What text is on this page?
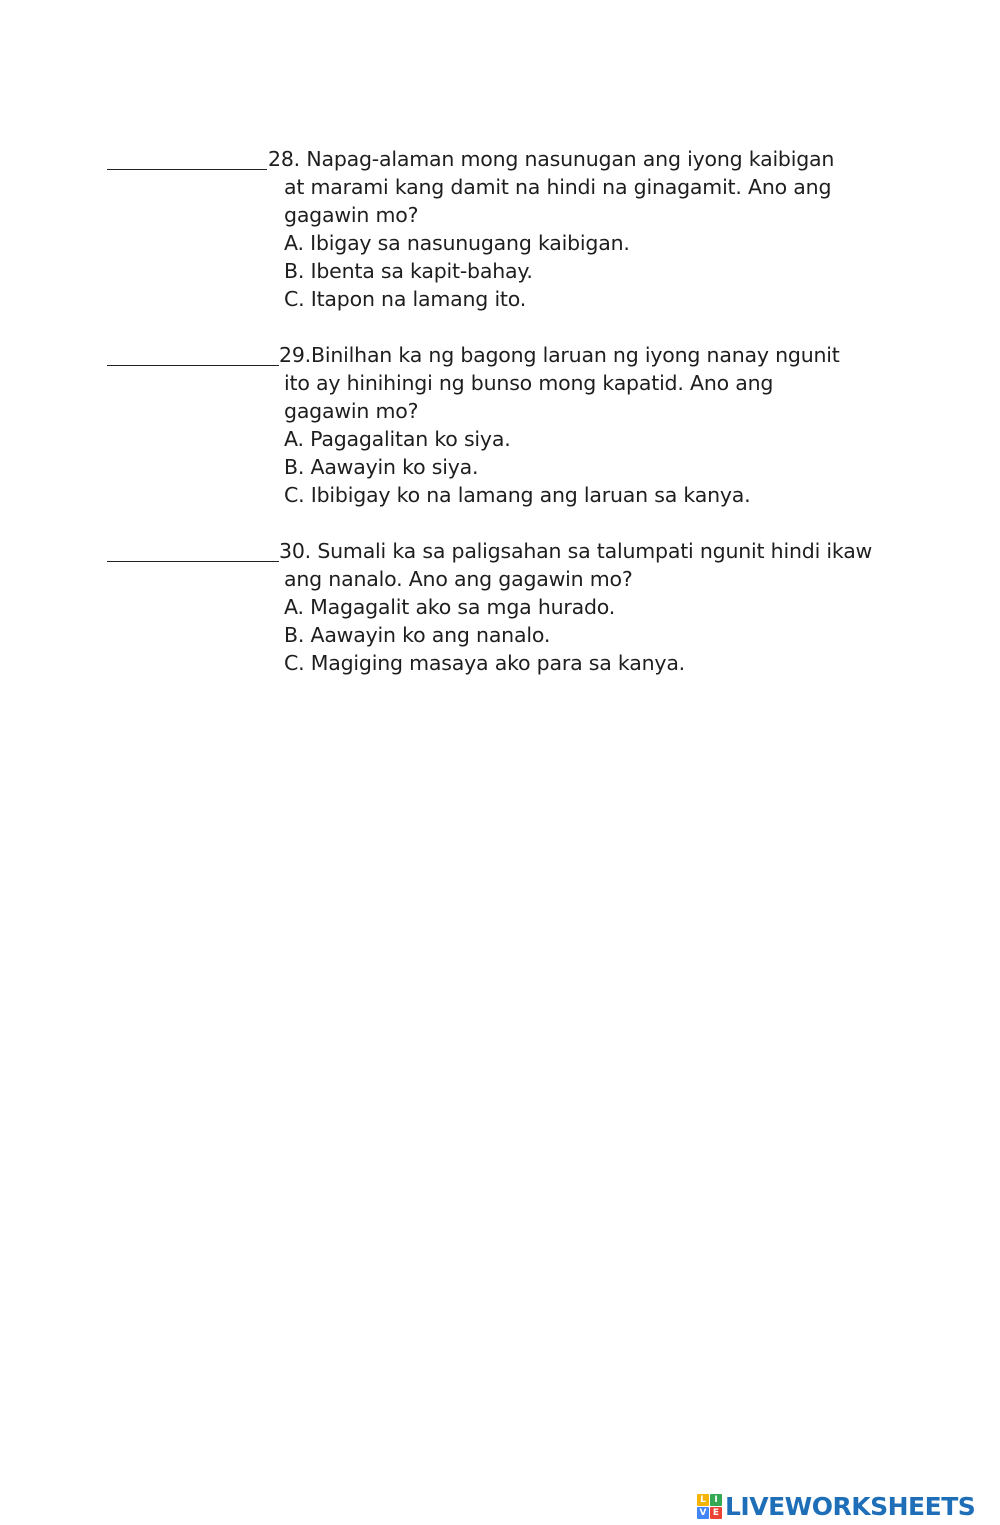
28. Napag-alaman mong nasunugan ang iyong kaibigan
at marami kang damit na hindi na ginagamit. Ano ang
gagawin mo?
A. Ibigay sa nasunugang kaibigan.
B. Ibenta sa kapit-bahay.
C. Itapon na lamang ito.
29.Binilhan ka ng bagong laruan ng iyong nanay ngunit
ito ay hinihingi ng bunso mong kapatid. Ano ang
gagawin mo?
A. Pagagalitan ko siya.
B. Aawayin ko siya.
C. Ibibigay ko na lamang ang laruan sa kanya.
30. Sumali ka sa paligsahan sa talumpati ngunit hindi ikaw
ang nanalo. Ano ang gagawin mo?
A. Magagalit ako sa mga hurado.
B. Aawayin ko ang nanalo.
C. Magiging masaya ako para sa kanya.
L I
V E LIVEWORKSHEETS
